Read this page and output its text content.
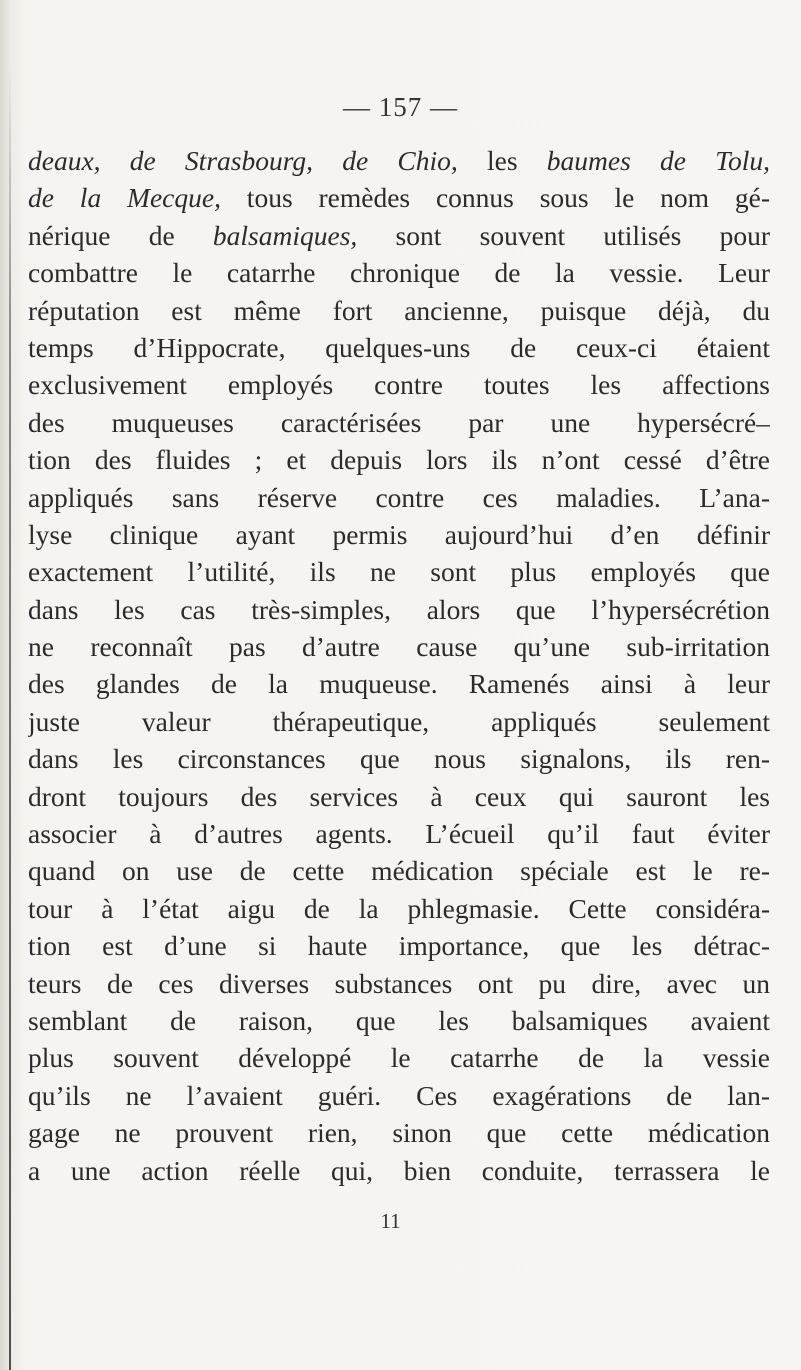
— 157 —
deaux, de Strasbourg, de Chio, les baumes de Tolu,
de la Mecque, tous remèdes connus sous le nom gé-
nérique de balsamiques, sont souvent utilisés pour
combattre le catarrhe chronique de la vessie. Leur
réputation est même fort ancienne, puisque déjà, du
temps d’Hippocrate, quelques-uns de ceux-ci étaient
exclusivement employés contre toutes les affections
des muqueuses caractérisées par une hypersécré–
tion des fluides ; et depuis lors ils n’ont cessé d’être
appliqués sans réserve contre ces maladies. L’ana-
lyse clinique ayant permis aujourd’hui d’en définir
exactement l’utilité, ils ne sont plus employés que
dans les cas très-simples, alors que l’hypersécrétion
ne reconnaît pas d’autre cause qu’une sub-irritation
des glandes de la muqueuse. Ramenés ainsi à leur
juste valeur thérapeutique, appliqués seulement
dans les circonstances que nous signalons, ils ren-
dront toujours des services à ceux qui sauront les
associer à d’autres agents. L’écueil qu’il faut éviter
quand on use de cette médication spéciale est le re-
tour à l’état aigu de la phlegmasie. Cette considéra-
tion est d’une si haute importance, que les détrac-
teurs de ces diverses substances ont pu dire, avec un
semblant de raison, que les balsamiques avaient
plus souvent développé le catarrhe de la vessie
qu’ils ne l’avaient guéri. Ces exagérations de lan-
gage ne prouvent rien, sinon que cette médication
a une action réelle qui, bien conduite, terrassera le
11
